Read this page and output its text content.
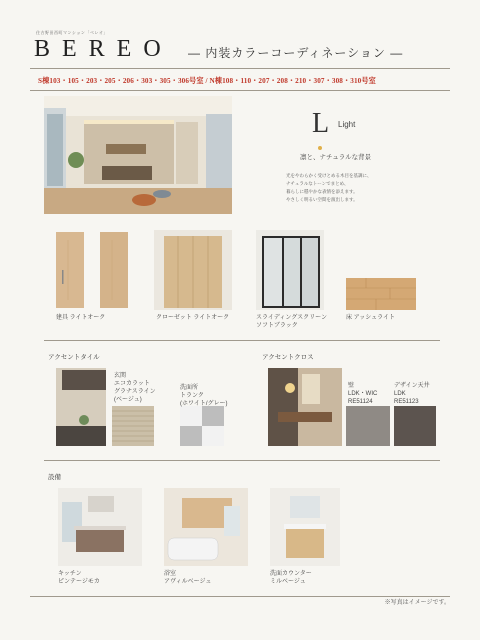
住吉野田西町マンション「ベレオ」
BEREO — 内装カラーコーディネーション —
S棟103・105・203・205・206・303・305・306号室 / N棟108・110・207・208・210・307・308・310号室
L Light
凛と、ナチュラルな背景
光をやわらかく受けとめる木目を基調に、
ナチュラルなトーンでまとめ、
暮らしに穏やかな表情を添えます。
やさしく明るい空間を演出します。
建具 ライトオーク	クローゼット ライトオーク	スライディングスクリーン
ソフトブラック
床 アッシュライト
アクセントタイル
玄関
エコカラット
グラナスライン
(ベージュ)
洗面所
トランク
(ホワイト/グレー)
アクセントクロス
壁
LDK・WIC
RE51124
デザイン天井
LDK
RE51123
設備
キッチン
ピンテージモカ
浴室
アヴィルベージュ
洗面カウンター
ミルベージュ
※写真はイメージです。
